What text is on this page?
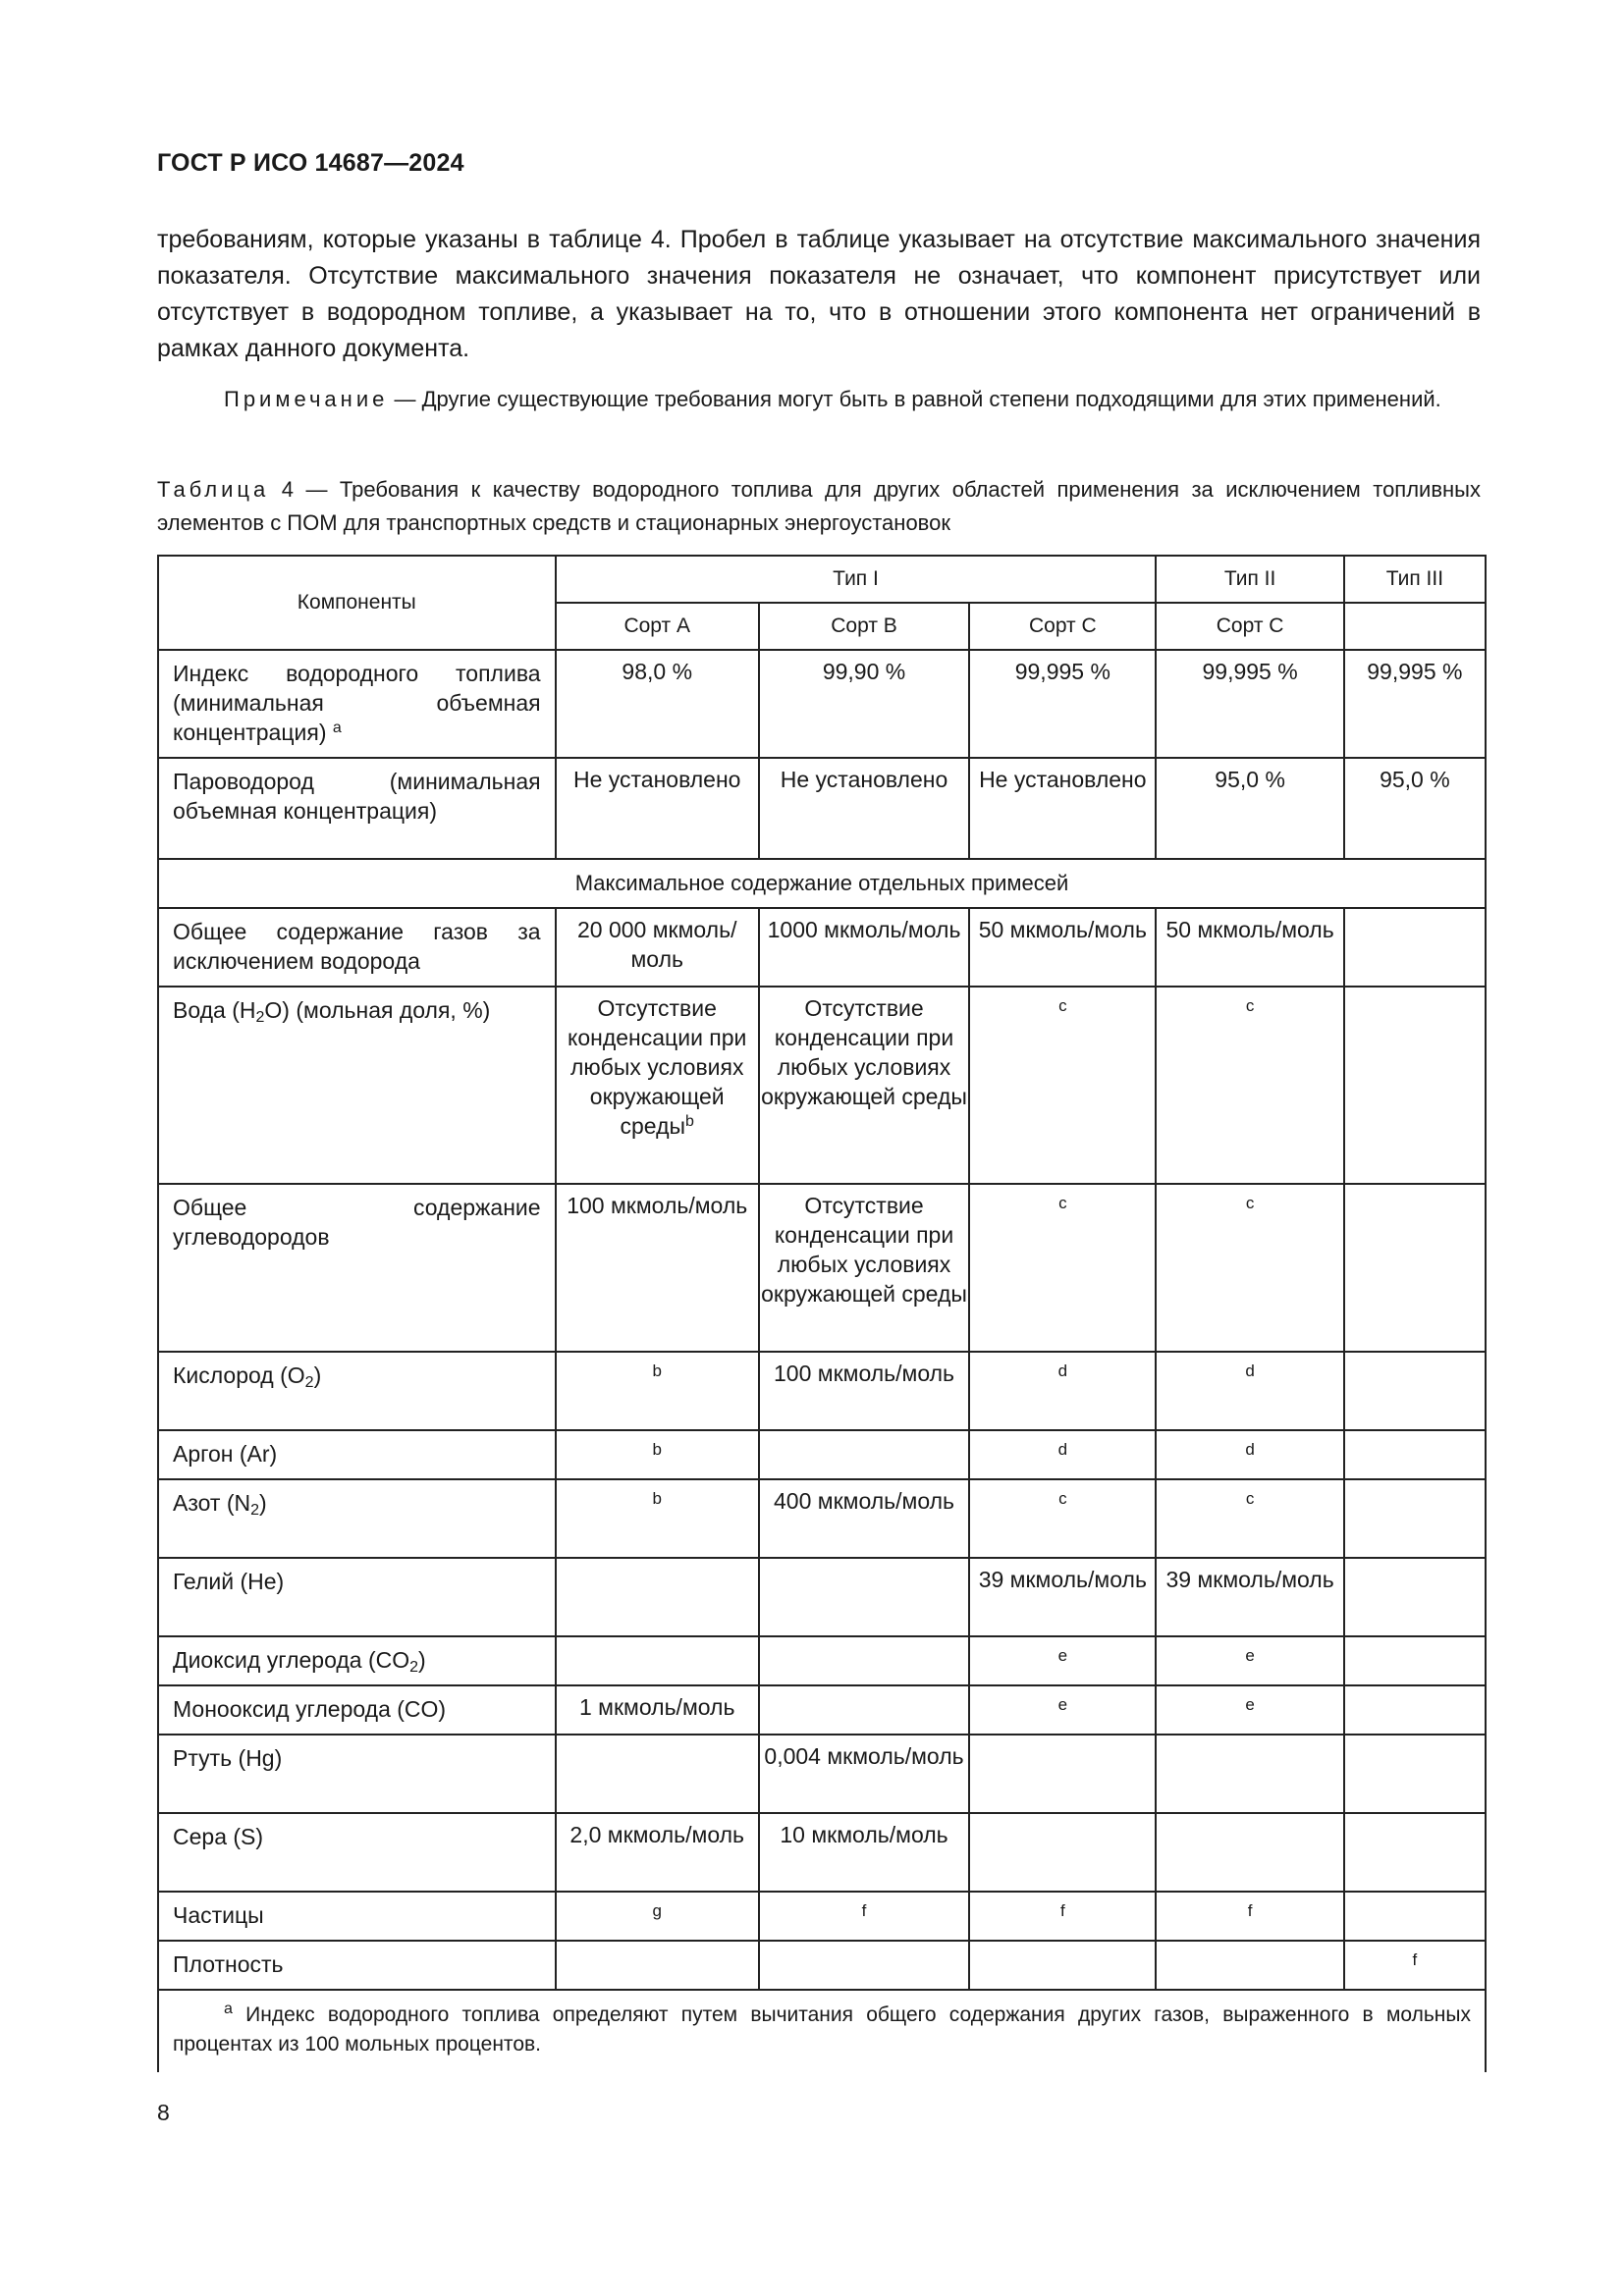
ГОСТ Р ИСО 14687—2024

требованиям, которые указаны в таблице 4. Пробел в таблице указывает на отсутствие максимального значения показателя. Отсутствие максимального значения показателя не означает, что компонент присутствует или отсутствует в водородном топливе, а указывает на то, что в отношении этого компонента нет ограничений в рамках данного документа.

Примечание — Другие существующие требования могут быть в равной степени подходящими для этих применений.

Таблица 4 — Требования к качеству водородного топлива для других областей применения за исключением топливных элементов с ПОМ для транспортных средств и стационарных энергоустановок

Компоненты	Тип I			Тип II	Тип III
	Сорт А	Сорт В	Сорт С	Сорт С	
Индекс водородного топлива (минимальная объемная концентрация) $^a$	98,0 %	99,90 %	99,995 %	99,995 %	99,995 %
Пароводород (минимальная объемная концентрация)	Не установлено	Не установлено	Не установлено	95,0 %	95,0 %
Максимальное содержание отдельных примесей					
Общее содержание газов за исключением водорода	20 000 мкмоль/моль	1000 мкмоль/моль	50 мкмоль/моль	50 мкмоль/моль	
Вода $(H_2O)$ (мольная доля, %)	Отсутствие конденсации при любых условиях окружающей среды$^b$	Отсутствие конденсации при любых условиях окружающей среды	c	c	
Общее содержание углеводородов	100 мкмоль/моль	Отсутствие конденсации при любых условиях окружающей среды	c	c	
Кислород $(O_2)$	b	100 мкмоль/моль	d	d	
Аргон (Ar)	b		d	d	
Азот $(N_2)$	b	400 мкмоль/моль	c	c	
Гелий (He)			39 мкмоль/моль	39 мкмоль/моль	
Диоксид углерода $(CO_2)$			e	e	
Монооксид углерода (CO)	1 мкмоль/моль		e	e	
Ртуть (Hg)		0,004 мкмоль/моль			
Сера (S)	2,0 мкмоль/моль	10 мкмоль/моль			
Частицы	g	f	f	f	
Плотность					f
$^a$ Индекс водородного топлива определяют путем вычитания общего содержания других газов, выраженного в мольных процентах из 100 мольных процентов.					
8
